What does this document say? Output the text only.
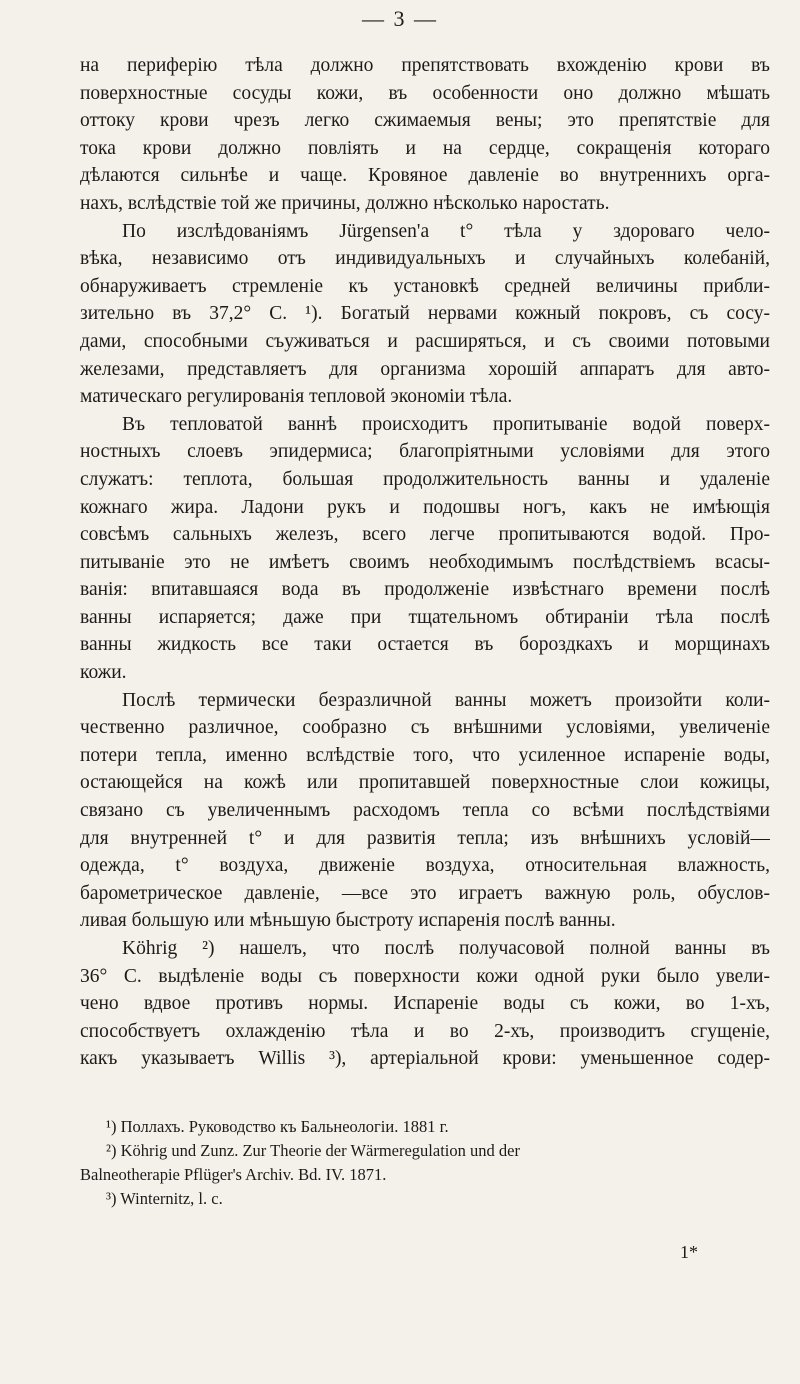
— 3 —
на периферію тѣла должно препятствовать вхожденію крови въ
поверхностные сосуды кожи, въ особенности оно должно мѣшать
оттоку крови чрезъ легко сжимаемыя вены; это препятствіе для
тока крови должно повліять и на сердце, сокращенія котораго
дѣлаются сильнѣе и чаще. Кровяное давленіе во внутреннихъ орга-
нахъ, вслѣдствіе той же причины, должно нѣсколько наростать.
По изслѣдованіямъ Jürgensen'a t° тѣла у здороваго чело-
вѣка, независимо отъ индивидуальныхъ и случайныхъ колебаній,
обнаруживаетъ стремленіе къ установкѣ средней величины прибли-
зительно въ 37,2° С. ¹). Богатый нервами кожный покровъ, съ сосу-
дами, способными съуживаться и расширяться, и съ своими потовыми
железами, представляетъ для организма хорошій аппаратъ для авто-
матическаго регулированія тепловой экономіи тѣла.
Въ тепловатой ваннѣ происходитъ пропитываніе водой поверх-
ностныхъ слоевъ эпидермиса; благопріятными условіями для этого
служатъ: теплота, большая продолжительность ванны и удаленіе
кожнаго жира. Ладони рукъ и подошвы ногъ, какъ не имѣющія
совсѣмъ сальныхъ железъ, всего легче пропитываются водой. Про-
питываніе это не имѣетъ своимъ необходимымъ послѣдствіемъ всасы-
ванія: впитавшаяся вода въ продолженіе извѣстнаго времени послѣ
ванны испаряется; даже при тщательномъ обтираніи тѣла послѣ
ванны жидкость все таки остается въ бороздкахъ и морщинахъ
кожи.
Послѣ термически безразличной ванны можетъ произойти коли-
чественно различное, сообразно съ внѣшними условіями, увеличеніе
потери тепла, именно вслѣдствіе того, что усиленное испареніе воды,
остающейся на кожѣ или пропитавшей поверхностные слои кожицы,
связано съ увеличеннымъ расходомъ тепла со всѣми послѣдствіями
для внутренней t° и для развитія тепла; изъ внѣшнихъ условій—
одежда, t° воздуха, движеніе воздуха, относительная влажность,
барометрическое давленіе, —все это играетъ важную роль, обуслов-
ливая большую или мѣньшую быстроту испаренія послѣ ванны.
Köhrig ²) нашелъ, что послѣ получасовой полной ванны въ
36° С. выдѣленіе воды съ поверхности кожи одной руки было увели-
чено вдвое противъ нормы. Испареніе воды съ кожи, во 1-хъ,
способствуетъ охлажденію тѣла и во 2-хъ, производитъ сгущеніе,
какъ указываетъ Willis ³), артеріальной крови: уменьшенное содер-
¹) Поллахъ. Руководство къ Бальнеологіи. 1881 г.
²) Köhrig und Zunz. Zur Theorie der Wärmeregulation und der
Balneotherapie Pflüger's Archiv. Bd. IV. 1871.
³) Winternitz, l. c.
1*
